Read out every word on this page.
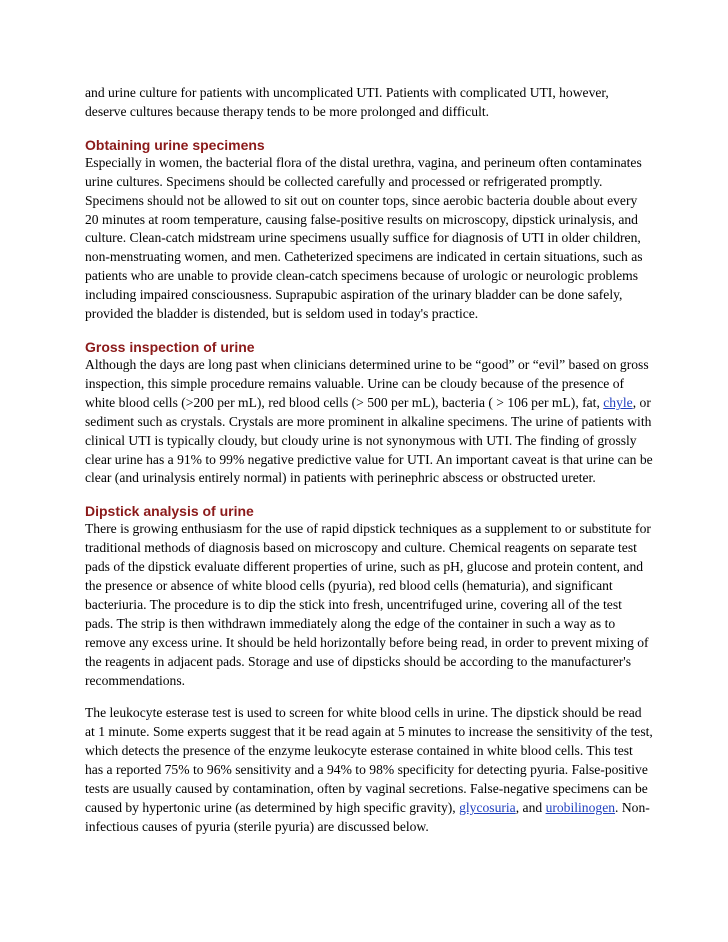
and urine culture for patients with uncomplicated UTI. Patients with complicated UTI, however, deserve cultures because therapy tends to be more prolonged and difficult.

Obtaining urine specimens

Especially in women, the bacterial flora of the distal urethra, vagina, and perineum often contaminates urine cultures. Specimens should be collected carefully and processed or refrigerated promptly. Specimens should not be allowed to sit out on counter tops, since aerobic bacteria double about every 20 minutes at room temperature, causing false-positive results on microscopy, dipstick urinalysis, and culture. Clean-catch midstream urine specimens usually suffice for diagnosis of UTI in older children, non-menstruating women, and men. Catheterized specimens are indicated in certain situations, such as patients who are unable to provide clean-catch specimens because of urologic or neurologic problems including impaired consciousness. Suprapubic aspiration of the urinary bladder can be done safely, provided the bladder is distended, but is seldom used in today's practice.

Gross inspection of urine

Although the days are long past when clinicians determined urine to be “good” or “evil” based on gross inspection, this simple procedure remains valuable. Urine can be cloudy because of the presence of white blood cells (>200 per mL), red blood cells (> 500 per mL), bacteria ( > 106 per mL), fat, chyle, or sediment such as crystals. Crystals are more prominent in alkaline specimens. The urine of patients with clinical UTI is typically cloudy, but cloudy urine is not synonymous with UTI. The finding of grossly clear urine has a 91% to 99% negative predictive value for UTI. An important caveat is that urine can be clear (and urinalysis entirely normal) in patients with perinephric abscess or obstructed ureter.

Dipstick analysis of urine

There is growing enthusiasm for the use of rapid dipstick techniques as a supplement to or substitute for traditional methods of diagnosis based on microscopy and culture. Chemical reagents on separate test pads of the dipstick evaluate different properties of urine, such as pH, glucose and protein content, and the presence or absence of white blood cells (pyuria), red blood cells (hematuria), and significant bacteriuria. The procedure is to dip the stick into fresh, uncentrifuged urine, covering all of the test pads. The strip is then withdrawn immediately along the edge of the container in such a way as to remove any excess urine. It should be held horizontally before being read, in order to prevent mixing of the reagents in adjacent pads. Storage and use of dipsticks should be according to the manufacturer's recommendations.

The leukocyte esterase test is used to screen for white blood cells in urine. The dipstick should be read at 1 minute. Some experts suggest that it be read again at 5 minutes to increase the sensitivity of the test, which detects the presence of the enzyme leukocyte esterase contained in white blood cells. This test has a reported 75% to 96% sensitivity and a 94% to 98% specificity for detecting pyuria. False-positive tests are usually caused by contamination, often by vaginal secretions. False-negative specimens can be caused by hypertonic urine (as determined by high specific gravity), glycosuria, and urobilinogen. Non-infectious causes of pyuria (sterile pyuria) are discussed below.
